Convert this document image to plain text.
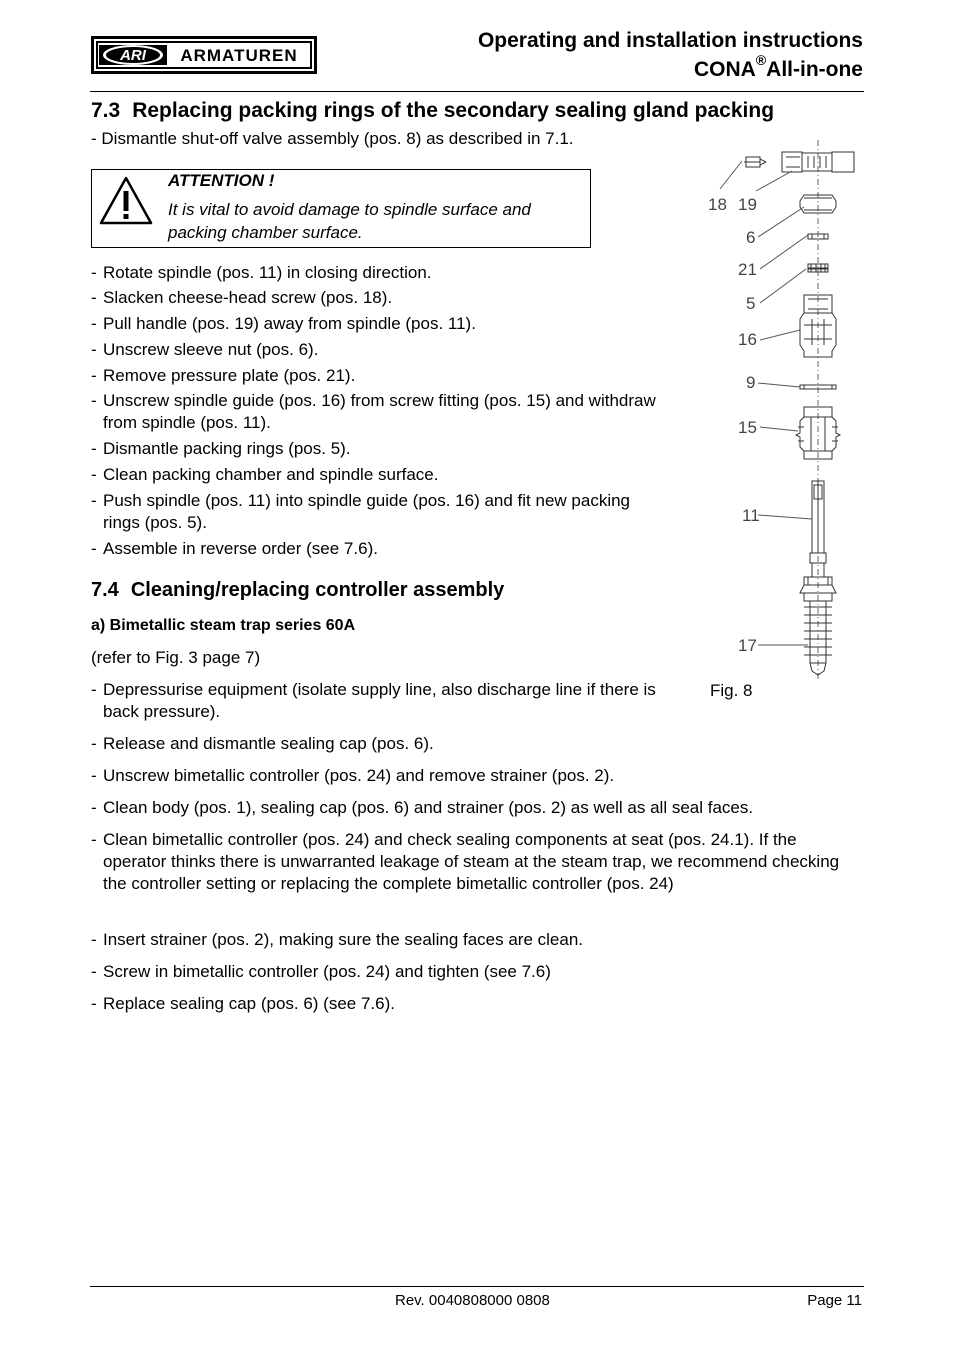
ARI ARMATUREN
Operating and installation instructions
CONA®All-in-one
7.3 Replacing packing rings of the secondary sealing gland packing
- Dismantle shut-off valve assembly (pos. 8) as described in 7.1.
ATTENTION !
It is vital to avoid damage to spindle surface and packing chamber surface.
- Rotate spindle (pos. 11) in closing direction.
- Slacken cheese-head screw (pos. 18).
- Pull handle (pos. 19) away from spindle (pos. 11).
- Unscrew sleeve nut (pos. 6).
- Remove pressure plate (pos. 21).
- Unscrew spindle guide (pos. 16) from screw fitting (pos. 15) and withdraw from spindle (pos. 11).
- Dismantle packing rings (pos. 5).
- Clean packing chamber and spindle surface.
- Push spindle (pos. 11) into spindle guide (pos. 16) and fit new packing rings (pos. 5).
- Assemble in reverse order (see 7.6).
7.4 Cleaning/replacing controller assembly
a) Bimetallic steam trap series 60A
(refer to Fig. 3 page 7)
- Depressurise equipment (isolate supply line, also discharge line if there is back pressure).
- Release and dismantle sealing cap (pos. 6).
- Unscrew bimetallic controller (pos. 24) and remove strainer (pos. 2).
- Clean body (pos. 1), sealing cap (pos. 6) and strainer (pos. 2) as well as all seal faces.
- Clean bimetallic controller (pos. 24) and check sealing components at seat (pos. 24.1). If the operator thinks there is unwarranted leakage of steam at the steam trap, we recommend checking the controller setting or replacing the complete bimetallic controller (pos. 24)
- Insert strainer (pos. 2), making sure the sealing faces are clean.
- Screw in bimetallic controller (pos. 24) and tighten (see 7.6)
- Replace sealing cap (pos. 6) (see 7.6).
18 19
6
21
5
16
9
15
11
17
Fig. 8
Rev. 0040808000 0808	Page 11
